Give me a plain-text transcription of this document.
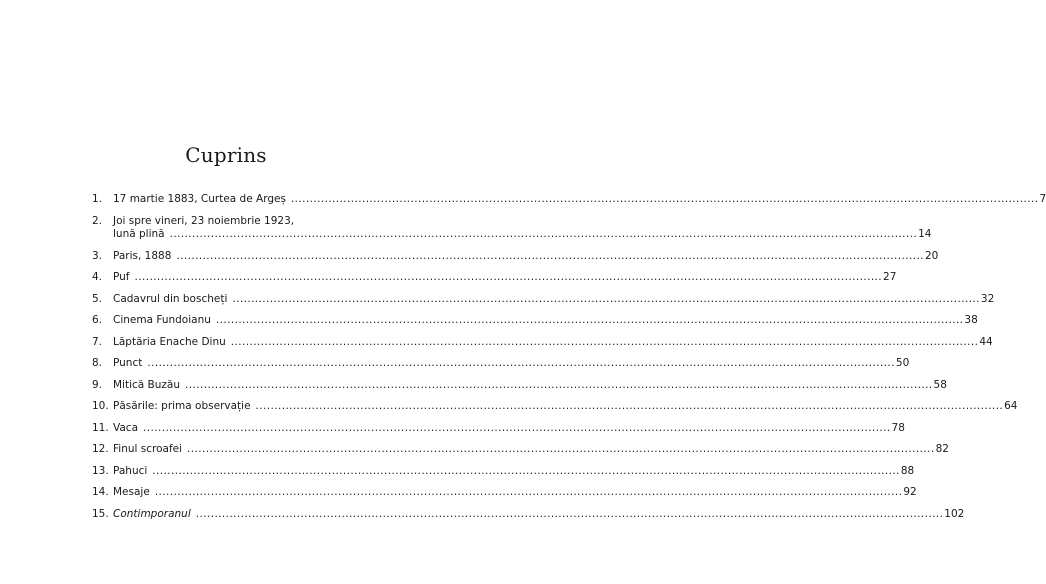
Cuprins
1.	17 martie 1883, Curtea de Argeș ........................................................................................................................................................................................................ 7
2.	Joi spre vineri, 23 noiembrie 1923,
lună plină ........................................................................................................................................................................................................ 14
3.	Paris, 1888 ........................................................................................................................................................................................................ 20
4.	Puf ........................................................................................................................................................................................................ 27
5.	Cadavrul din boscheți ........................................................................................................................................................................................................ 32
6.	Cinema Fundoianu ........................................................................................................................................................................................................ 38
7.	Lăptăria Enache Dinu ........................................................................................................................................................................................................ 44
8.	Punct ........................................................................................................................................................................................................ 50
9.	Mitică Buzău ........................................................................................................................................................................................................ 58
10. Păsările: prima observație ........................................................................................................................................................................................................ 64
11. Vaca ........................................................................................................................................................................................................ 78
12. Finul scroafei ........................................................................................................................................................................................................ 82
13. Pahuci ........................................................................................................................................................................................................ 88
14. Mesaje ........................................................................................................................................................................................................ 92
15. Contimporanul ........................................................................................................................................................................................................ 102
